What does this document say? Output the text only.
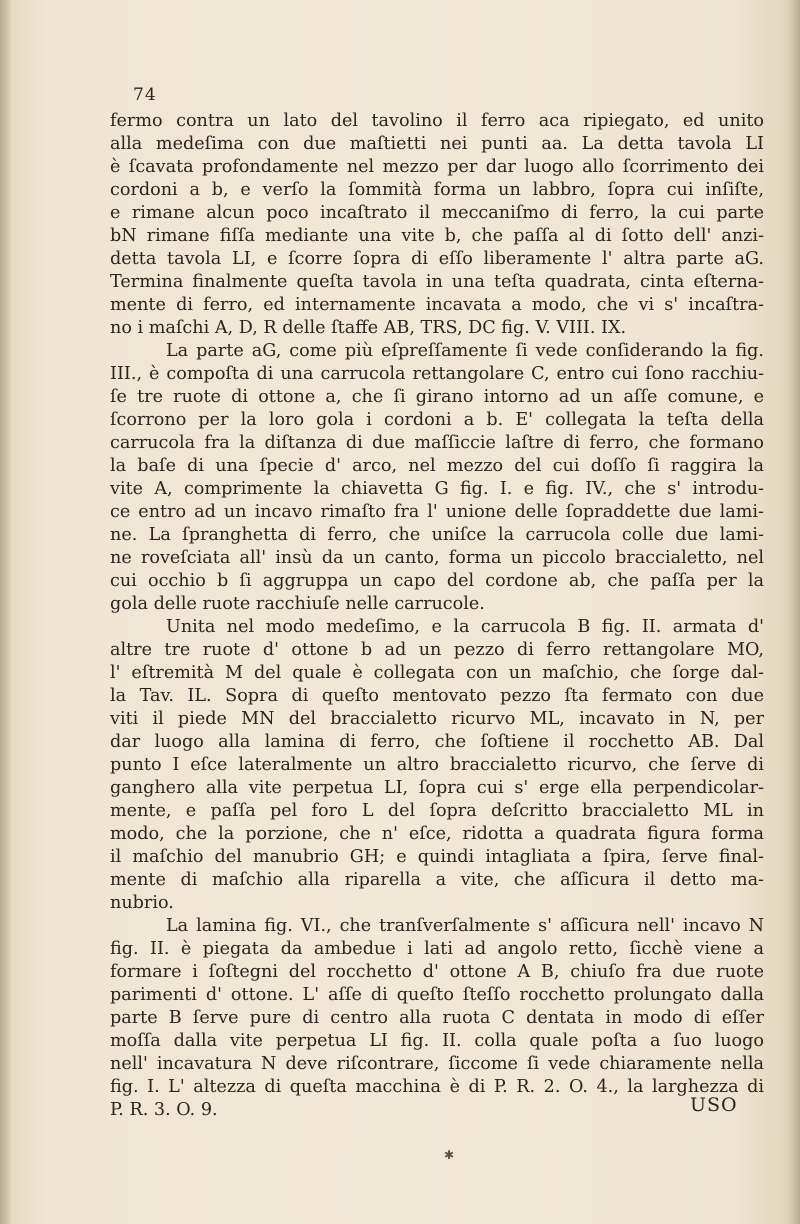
74
fermo contra un lato del tavolino il ferro aca ripiegato, ed unito
alla medeſima con due maſtietti nei punti aa. La detta tavola LI
è ſcavata profondamente nel mezzo per dar luogo allo ſcorrimento dei
cordoni a b, e verſo la ſommità forma un labbro, ſopra cui inſiſte,
e rimane alcun poco incaſtrato il meccaniſmo di ferro, la cui parte
bN rimane fiſſa mediante una vite b, che paſſa al di ſotto dell' anzi-
detta tavola LI, e ſcorre ſopra di eſſo liberamente l' altra parte aG.
Termina finalmente queſta tavola in una teſta quadrata, cinta eſterna-
mente di ferro, ed internamente incavata a modo, che vi s' incaſtra-
no i maſchi A, D, R delle ſtaffe AB, TRS, DC fig. V. VIII. IX.
La parte aG, come più eſpreſſamente ſi vede conſiderando la fig.
III., è compoſta di una carrucola rettangolare C, entro cui ſono racchiu-
ſe tre ruote di ottone a, che ſi girano intorno ad un aſſe comune, e
ſcorrono per la loro gola i cordoni a b. E' collegata la teſta della
carrucola fra la diſtanza di due maſſiccie laſtre di ferro, che formano
la baſe di una ſpecie d' arco, nel mezzo del cui doſſo ſi raggira la
vite A, comprimente la chiavetta G fig. I. e fig. IV., che s' introdu-
ce entro ad un incavo rimaſto fra l' unione delle ſopraddette due lami-
ne. La ſpranghetta di ferro, che uniſce la carrucola colle due lami-
ne roveſciata all' insù da un canto, forma un piccolo braccialetto, nel
cui occhio b ſi aggruppa un capo del cordone ab, che paſſa per la
gola delle ruote racchiuſe nelle carrucole.
Unita nel modo medeſimo, e la carrucola B fig. II. armata d'
altre tre ruote d' ottone b ad un pezzo di ferro rettangolare MO,
l' eſtremità M del quale è collegata con un maſchio, che ſorge dal-
la Tav. IL. Sopra di queſto mentovato pezzo ſta fermato con due
viti il piede MN del braccialetto ricurvo ML, incavato in N, per
dar luogo alla lamina di ferro, che ſoſtiene il rocchetto AB. Dal
punto I eſce lateralmente un altro braccialetto ricurvo, che ſerve di
ganghero alla vite perpetua LI, ſopra cui s' erge ella perpendicolar-
mente, e paſſa pel foro L del ſopra deſcritto braccialetto ML in
modo, che la porzione, che n' eſce, ridotta a quadrata figura forma
il maſchio del manubrio GH; e quindi intagliata a ſpira, ſerve final-
mente di maſchio alla riparella a vite, che aſſicura il detto ma-
nubrio.
La lamina fig. VI., che tranſverſalmente s' aſſicura nell' incavo N
fig. II. è piegata da ambedue i lati ad angolo retto, ſicchè viene a
formare i ſoſtegni del rocchetto d' ottone A B, chiuſo fra due ruote
parimenti d' ottone. L' aſſe di queſto ſteſſo rocchetto prolungato dalla
parte B ſerve pure di centro alla ruota C dentata in modo di eſſer
moſſa dalla vite perpetua LI fig. II. colla quale poſta a ſuo luogo
nell' incavatura N deve riſcontrare, ſiccome ſi vede chiaramente nella
fig. I. L' altezza di queſta macchina è di P. R. 2. O. 4., la larghezza di
P. R. 3. O. 9.	USO
✱
